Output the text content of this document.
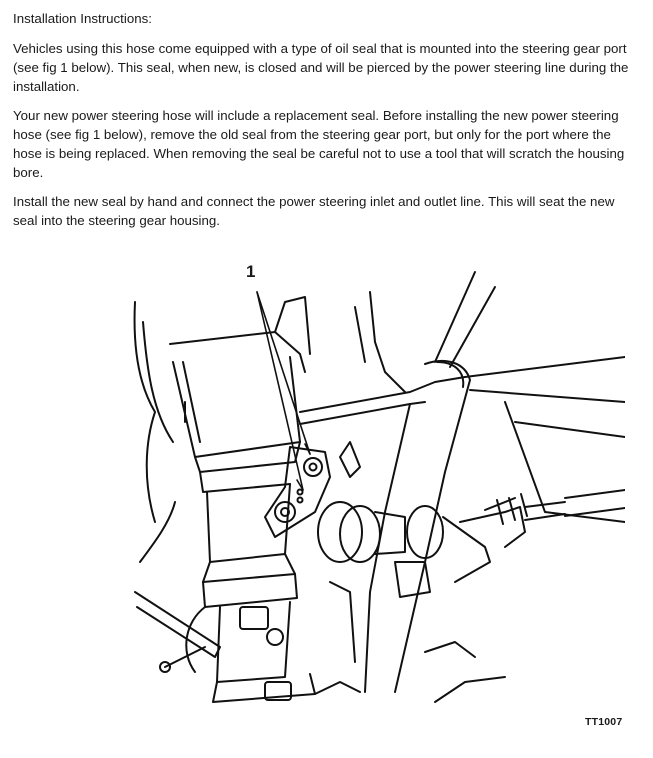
Installation Instructions:

Vehicles using this hose come equipped with a type of oil seal that is mounted into the steering gear port (see fig 1 below). This seal, when new, is closed and will be pierced by the power steering line during the installation.

Your new power steering hose will include a replacement seal. Before installing the new power steering hose (see fig 1 below), remove the old seal from the steering gear port, but only for the port where the hose is being replaced. When removing the seal be careful not to use a tool that will scratch the housing bore.

Install the new seal by hand and connect the power steering inlet and outlet line. This will seat the new seal into the steering gear housing.

1
TT1007
